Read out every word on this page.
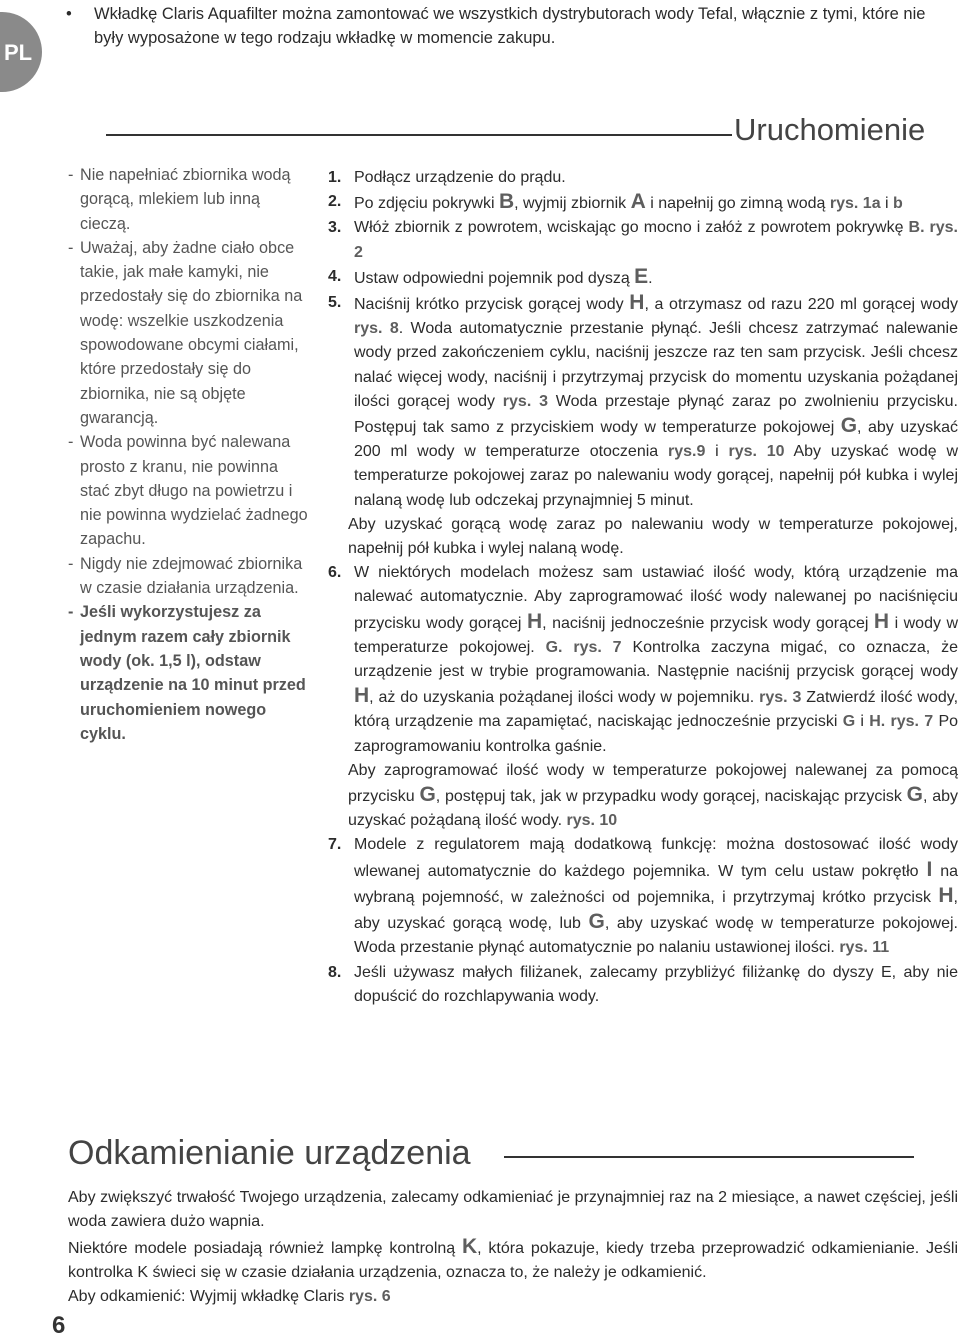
PL
• Wkładkę Claris Aquafilter można zamontować we wszystkich dystrybutorach wody Tefal, włącznie z tymi, które nie były wyposażone w tego rodzaju wkładkę w momencie zakupu.
Uruchomienie
- Nie napełniać zbiornika wodą gorącą, mlekiem lub inną cieczą.
- Uważaj, aby żadne ciało obce takie, jak małe kamyki, nie przedostały się do zbiornika na wodę: wszelkie uszkodzenia spowodowane obcymi ciałami, które przedostały się do zbiornika, nie są objęte gwarancją.
- Woda powinna być nalewana prosto z kranu, nie powinna stać zbyt długo na powietrzu i nie powinna wydzielać żadnego zapachu.
- Nigdy nie zdejmować zbiornika w czasie działania urządzenia.
- Jeśli wykorzystujesz za jednym razem cały zbiornik wody (ok. 1,5 l), odstaw urządzenie na 10 minut przed uruchomieniem nowego cyklu.
1 . Podłącz urządzenie do prądu.
2 . Po zdjęciu pokrywki B, wyjmij zbiornik A i napełnij go zimną wodą rys. 1a i b
3 . Włóż zbiornik z powrotem, wciskając go mocno i załóż z powrotem pokrywkę B. rys. 2
4 . Ustaw odpowiedni pojemnik pod dyszą E.
5 . Naciśnij krótko przycisk gorącej wody H, a otrzymasz od razu 220 ml gorącej wody rys. 8. Woda automatycznie przestanie płynąć. Jeśli chcesz zatrzymać nalewanie wody przed zakończeniem cyklu, naciśnij jeszcze raz ten sam przycisk. Jeśli chcesz nalać więcej wody, naciśnij i przytrzymaj przycisk do momentu uzyskania pożądanej ilości gorącej wody rys. 3 Woda przestaje płynąć zaraz po zwolnieniu przycisku. Postępuj tak samo z przyciskiem wody w temperaturze pokojowej G, aby uzyskać 200 ml wody w temperaturze otoczenia rys.9 i rys. 10 Aby uzyskać wodę w temperaturze pokojowej zaraz po nalewaniu wody gorącej, napełnij pół kubka i wylej nalaną wodę lub odczekaj przynajmniej 5 minut.
Aby uzyskać gorącą wodę zaraz po nalewaniu wody w temperaturze pokojowej, napełnij pół kubka i wylej nalaną wodę.
6 . W niektórych modelach możesz sam ustawiać ilość wody, którą urządzenie ma nalewać automatycznie. Aby zaprogramować ilość wody nalewanej po naciśnięciu przycisku wody gorącej H, naciśnij jednocześnie przycisk wody gorącej H i wody w temperaturze pokojowej. G. rys. 7 Kontrolka zaczyna migać, co oznacza, że urządzenie jest w trybie programowania. Następnie naciśnij przycisk gorącej wody H, aż do uzyskania pożądanej ilości wody w pojemniku. rys. 3 Zatwierdź ilość wody, którą urządzenie ma zapamiętać, naciskając jednocześnie przyciski G i H. rys. 7 Po zaprogramowaniu kontrolka gaśnie.
Aby zaprogramować ilość wody w temperaturze pokojowej nalewanej za pomocą przycisku G, postępuj tak, jak w przypadku wody gorącej, naciskając przycisk G, aby uzyskać pożądaną ilość wody. rys. 10
7 . Modele z regulatorem mają dodatkową funkcję: można dostosować ilość wody wlewanej automatycznie do każdego pojemnika. W tym celu ustaw pokrętło I na wybraną pojemność, w zależności od pojemnika, i przytrzymaj krótko przycisk H, aby uzyskać gorącą wodę, lub G, aby uzyskać wodę w temperaturze pokojowej. Woda przestanie płynąć automatycznie po nalaniu ustawionej ilości. rys. 11
8 . Jeśli używasz małych filiżanek, zalecamy przybliżyć filiżankę do dyszy E, aby nie dopuścić do rozchlapywania wody.
Odkamienianie urządzenia
Aby zwiększyć trwałość Twojego urządzenia, zalecamy odkamieniać je przynajmniej raz na 2 miesiące, a nawet częściej, jeśli woda zawiera dużo wapnia.
Niektóre modele posiadają również lampkę kontrolną K, która pokazuje, kiedy trzeba przeprowadzić odkamienianie. Jeśli kontrolka K świeci się w czasie działania urządzenia, oznacza to, że należy je odkamienić.
Aby odkamienić: Wyjmij wkładkę Claris rys. 6
6
